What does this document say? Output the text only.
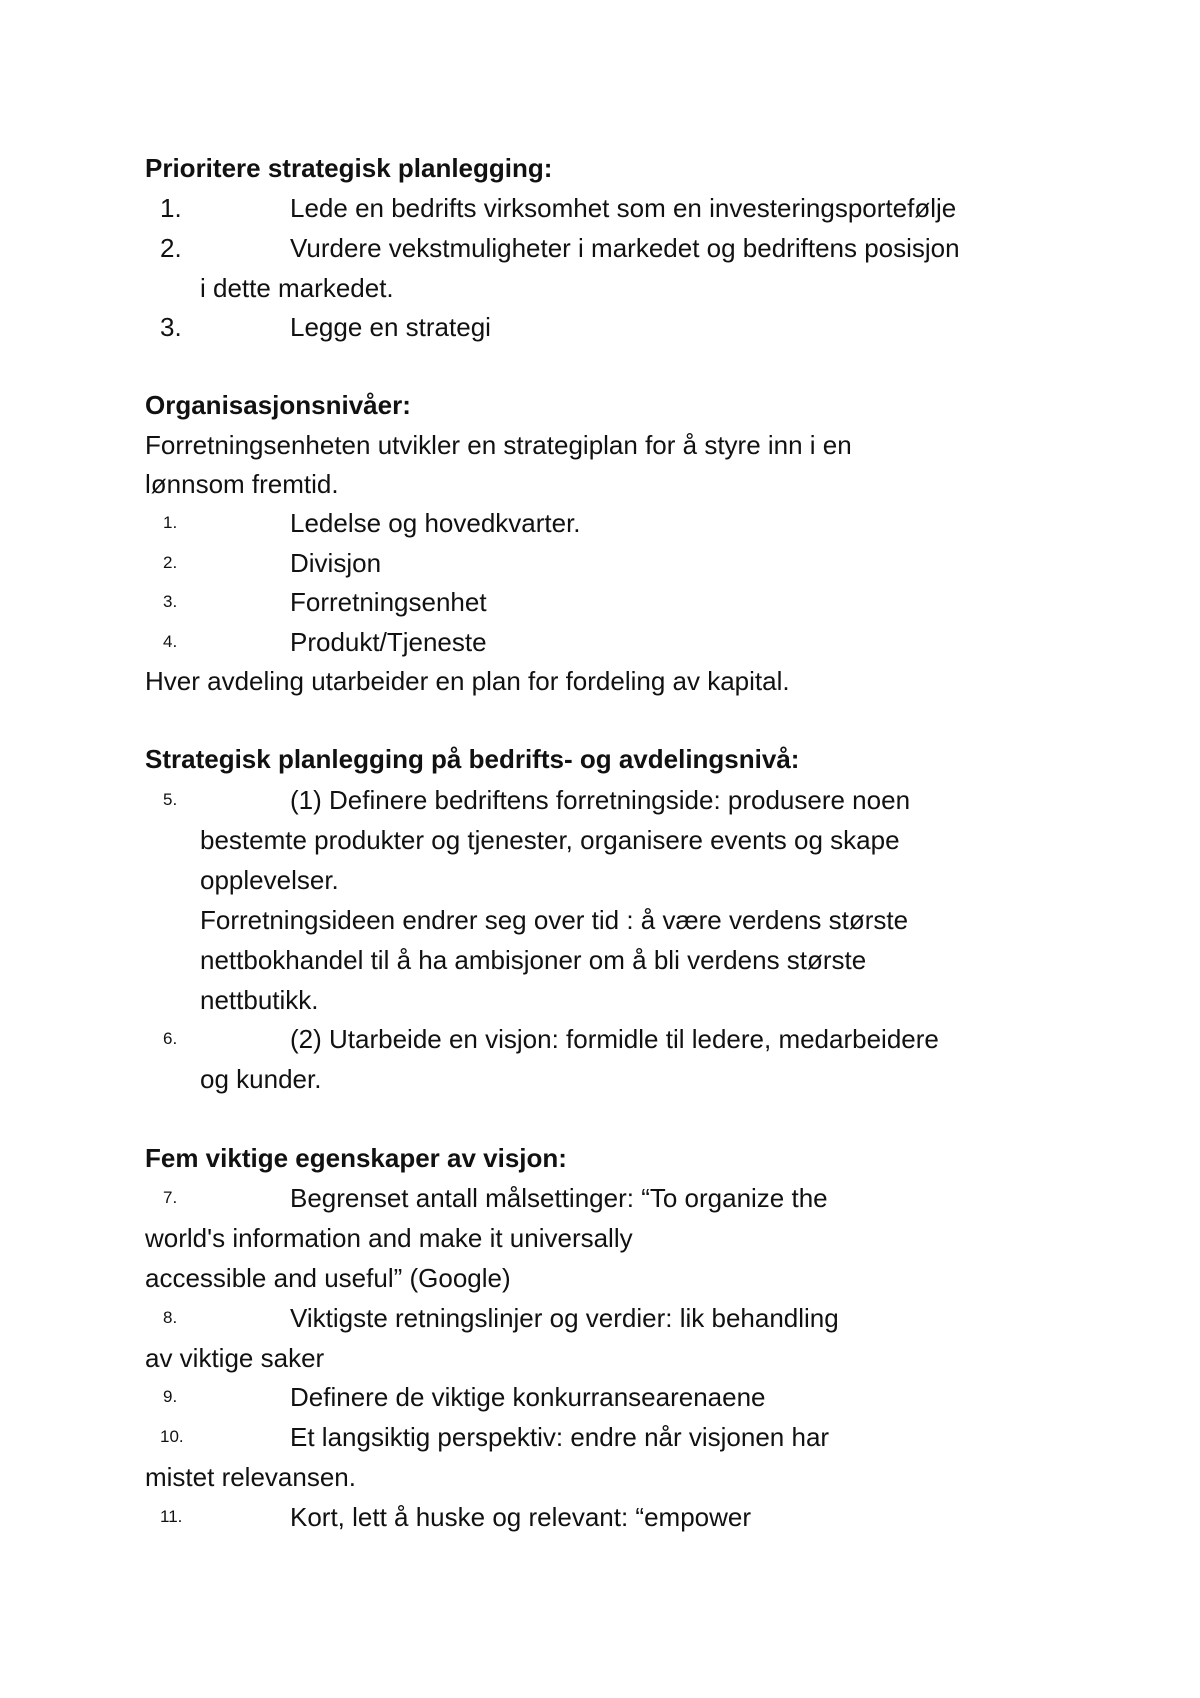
Prioritere strategisk planlegging:
1.	Lede en bedrifts virksomhet som en investeringsportefølje
2.	Vurdere vekstmuligheter i markedet og bedriftens posisjon
i dette markedet.
3.	Legge en strategi
Organisasjonsnivåer:
Forretningsenheten utvikler en strategiplan for å styre inn i en
lønnsom fremtid.
1.	Ledelse og hovedkvarter.
2.	Divisjon
3.	Forretningsenhet
4.	Produkt/Tjeneste
Hver avdeling utarbeider en plan for fordeling av kapital.
Strategisk planlegging på bedrifts- og avdelingsnivå:
5.	(1) Definere bedriftens forretningside: produsere noen
bestemte produkter og tjenester, organisere events og skape
opplevelser.
Forretningsideen endrer seg over tid : å være verdens største
nettbokhandel til å ha ambisjoner om å bli verdens største
nettbutikk.
6.	(2) Utarbeide en visjon: formidle til ledere, medarbeidere
og kunder.
Fem viktige egenskaper av visjon:
7.	Begrenset antall målsettinger: “To organize the
world's information and make it universally
accessible and useful” (Google)
8.	Viktigste retningslinjer og verdier: lik behandling
av viktige saker
9.	Definere de viktige konkurransearenaene
10.	Et langsiktig perspektiv: endre når visjonen har
mistet relevansen.
11.	Kort, lett å huske og relevant: “empower
